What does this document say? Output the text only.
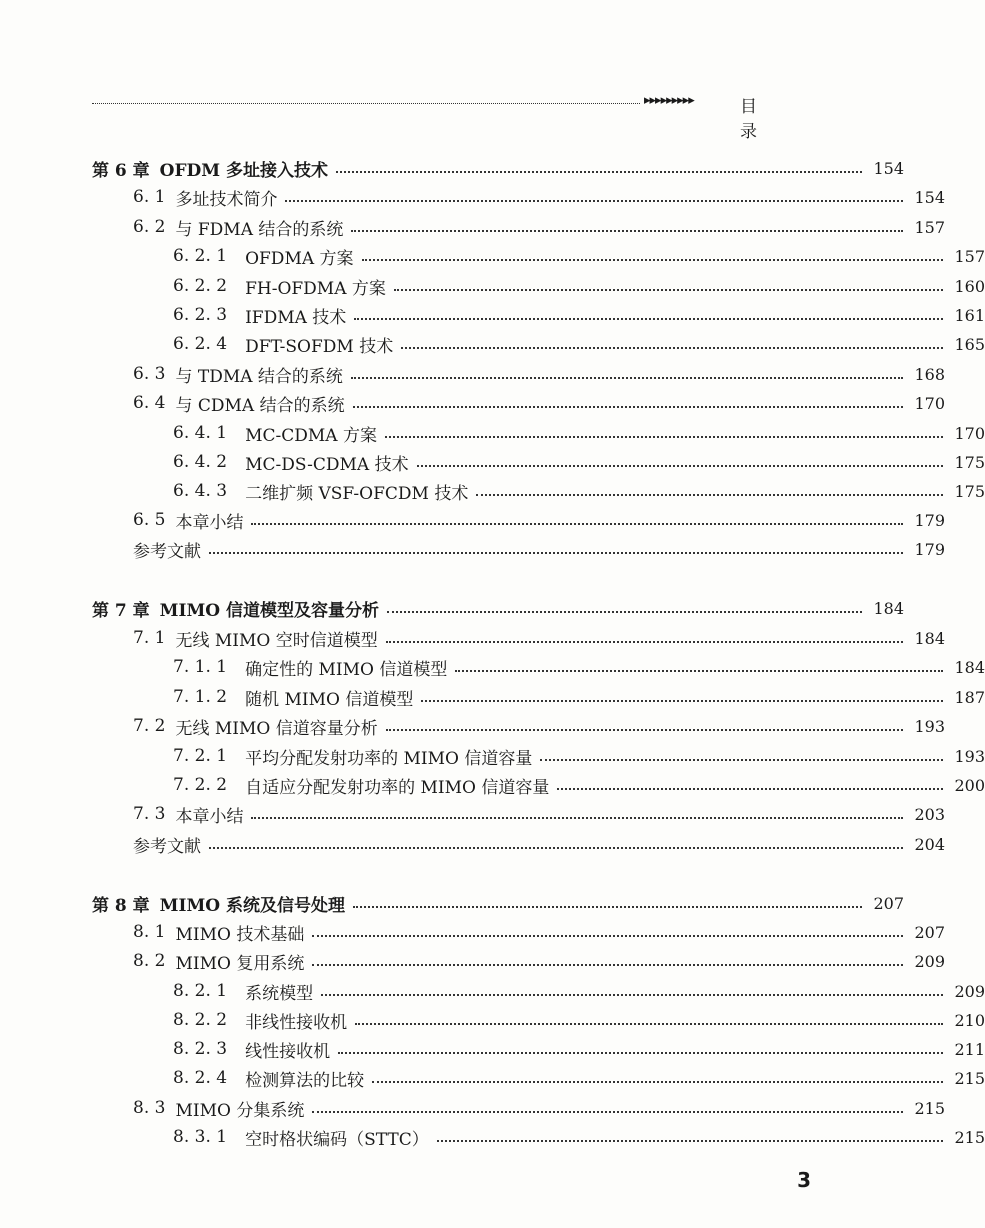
▸▸▸▸▸▸▸▸▸	目 录
第 6 章 OFDM 多址接入技术	154
6. 1 多址技术简介	154
6. 2 与 FDMA 结合的系统	157
6. 2. 1	OFDMA 方案	157
6. 2. 2	FH-OFDMA 方案	160
6. 2. 3	IFDMA 技术	161
6. 2. 4	DFT-SOFDM 技术	165
6. 3 与 TDMA 结合的系统	168
6. 4 与 CDMA 结合的系统	170
6. 4. 1	MC-CDMA 方案	170
6. 4. 2	MC-DS-CDMA 技术	175
6. 4. 3	二维扩频 VSF-OFCDM 技术	175
6. 5 本章小结	179
参考文献	179
第 7 章 MIMO 信道模型及容量分析	184
7. 1 无线 MIMO 空时信道模型	184
7. 1. 1	确定性的 MIMO 信道模型	184
7. 1. 2	随机 MIMO 信道模型	187
7. 2 无线 MIMO 信道容量分析	193
7. 2. 1	平均分配发射功率的 MIMO 信道容量	193
7. 2. 2	自适应分配发射功率的 MIMO 信道容量	200
7. 3 本章小结	203
参考文献	204
第 8 章 MIMO 系统及信号处理	207
8. 1 MIMO 技术基础	207
8. 2 MIMO 复用系统	209
8. 2. 1	系统模型	209
8. 2. 2	非线性接收机	210
8. 2. 3	线性接收机	211
8. 2. 4	检测算法的比较	215
8. 3 MIMO 分集系统	215
8. 3. 1	空时格状编码（STTC）	215
3
